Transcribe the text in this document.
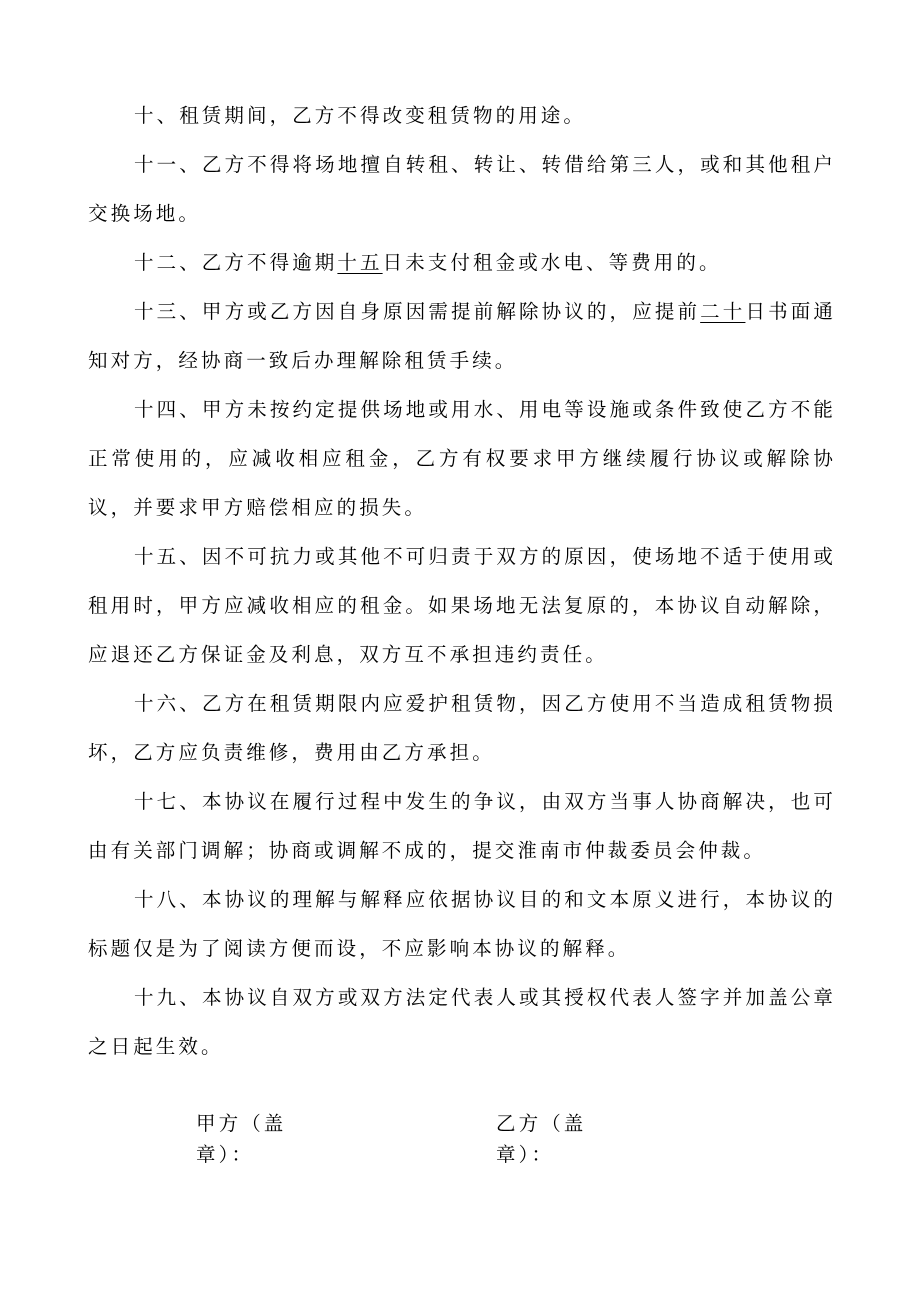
十、租赁期间，乙方不得改变租赁物的用途。

十一、乙方不得将场地擅自转租、转让、转借给第三人，或和其他租户交换场地。

十二、乙方不得逾期十五日未支付租金或水电、等费用的。

十三、甲方或乙方因自身原因需提前解除协议的，应提前二十日书面通知对方，经协商一致后办理解除租赁手续。

十四、甲方未按约定提供场地或用水、用电等设施或条件致使乙方不能正常使用的，应减收相应租金，乙方有权要求甲方继续履行协议或解除协议，并要求甲方赔偿相应的损失。

十五、因不可抗力或其他不可归责于双方的原因，使场地不适于使用或租用时，甲方应减收相应的租金。如果场地无法复原的，本协议自动解除，应退还乙方保证金及利息，双方互不承担违约责任。

十六、乙方在租赁期限内应爱护租赁物，因乙方使用不当造成租赁物损坏，乙方应负责维修，费用由乙方承担。

十七、本协议在履行过程中发生的争议，由双方当事人协商解决，也可由有关部门调解；协商或调解不成的，提交淮南市仲裁委员会仲裁。

十八、本协议的理解与解释应依据协议目的和文本原义进行，本协议的标题仅是为了阅读方便而设，不应影响本协议的解释。

十九、本协议自双方或双方法定代表人或其授权代表人签字并加盖公章之日起生效。

甲方（盖章）：
乙方（盖章）：
